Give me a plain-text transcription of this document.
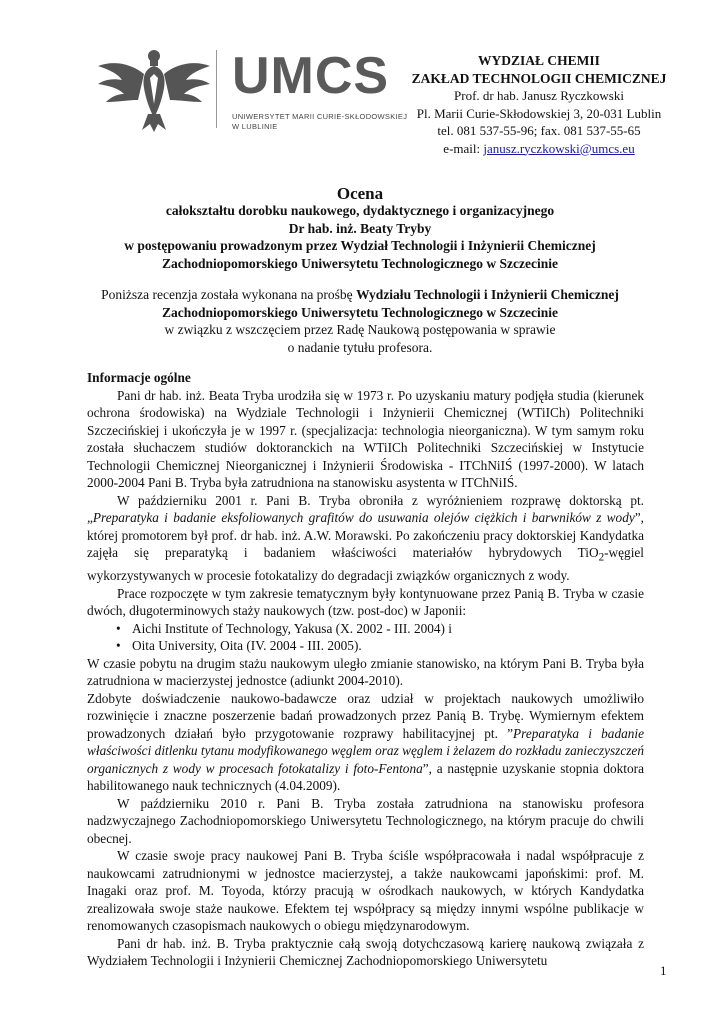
UMCS
UNIWERSYTET MARII CURIE-SKŁODOWSKIEJ
W LUBLINIE
WYDZIAŁ CHEMII
ZAKŁAD TECHNOLOGII CHEMICZNEJ
Prof. dr hab. Janusz Ryczkowski
Pl. Marii Curie-Skłodowskiej 3, 20-031 Lublin
tel. 081 537-55-96; fax. 081 537-55-65
e-mail: janusz.ryczkowski@umcs.eu
Ocena
całokształtu dorobku naukowego, dydaktycznego i organizacyjnego
Dr hab. inż. Beaty Tryby
w postępowaniu prowadzonym przez Wydział Technologii i Inżynierii Chemicznej
Zachodniopomorskiego Uniwersytetu Technologicznego w Szczecinie
Poniższa recenzja została wykonana na prośbę Wydziału Technologii i Inżynierii Chemicznej
Zachodniopomorskiego Uniwersytetu Technologicznego w Szczecinie
w związku z wszczęciem przez Radę Naukową postępowania w sprawie
o nadanie tytułu profesora.

Informacje ogólne

Pani dr hab. inż. Beata Tryba urodziła się w 1973 r. Po uzyskaniu matury podjęła studia (kierunek ochrona środowiska) na Wydziale Technologii i Inżynierii Chemicznej (WTiICh) Politechniki Szczecińskiej i ukończyła je w 1997 r. (specjalizacja: technologia nieorganiczna). W tym samym roku została słuchaczem studiów doktoranckich na WTiICh Politechniki Szczecińskiej w Instytucie Technologii Chemicznej Nieorganicznej i Inżynierii Środowiska - ITChNiIŚ (1997-2000). W latach 2000-2004 Pani B. Tryba była zatrudniona na stanowisku asystenta w ITChNiIŚ.

W październiku 2001 r. Pani B. Tryba obroniła z wyróżnieniem rozprawę doktorską pt. „Preparatyka i badanie eksfoliowanych grafitów do usuwania olejów ciężkich i barwników z wody”, której promotorem był prof. dr hab. inż. A.W. Morawski. Po zakończeniu pracy doktorskiej Kandydatka zajęła się preparatyką i badaniem właściwości materiałów hybrydowych TiO$_2$-węgiel wykorzystywanych w procesie fotokatalizy do degradacji związków organicznych z wody.

Prace rozpoczęte w tym zakresie tematycznym były kontynuowane przez Panią B. Tryba w czasie dwóch, długoterminowych staży naukowych (tzw. post-doc) w Japonii:

• Aichi Institute of Technology, Yakusa (X. 2002 - III. 2004) i
• Oita University, Oita (IV. 2004 - III. 2005).

W czasie pobytu na drugim stażu naukowym uległo zmianie stanowisko, na którym Pani B. Tryba była zatrudniona w macierzystej jednostce (adiunkt 2004-2010).

Zdobyte doświadczenie naukowo-badawcze oraz udział w projektach naukowych umożliwiło rozwinięcie i znaczne poszerzenie badań prowadzonych przez Panią B. Trybę. Wymiernym efektem prowadzonych działań było przygotowanie rozprawy habilitacyjnej pt. ”Preparatyka i badanie właściwości ditlenku tytanu modyfikowanego węglem oraz węglem i żelazem do rozkładu zanieczyszczeń organicznych z wody w procesach fotokatalizy i foto-Fentona”, a następnie uzyskanie stopnia doktora habilitowanego nauk technicznych (4.04.2009).

W październiku 2010 r. Pani B. Tryba została zatrudniona na stanowisku profesora nadzwyczajnego Zachodniopomorskiego Uniwersytetu Technologicznego, na którym pracuje do chwili obecnej.

W czasie swoje pracy naukowej Pani B. Tryba ściśle współpracowała i nadal współpracuje z naukowcami zatrudnionymi w jednostce macierzystej, a także naukowcami japońskimi: prof. M. Inagaki oraz prof. M. Toyoda, którzy pracują w ośrodkach naukowych, w których Kandydatka zrealizowała swoje staże naukowe. Efektem tej współpracy są między innymi wspólne publikacje w renomowanych czasopismach naukowych o obiegu międzynarodowym.

Pani dr hab. inż. B. Tryba praktycznie całą swoją dotychczasową karierę naukową związała z Wydziałem Technologii i Inżynierii Chemicznej Zachodniopomorskiego Uniwersytetu

1
